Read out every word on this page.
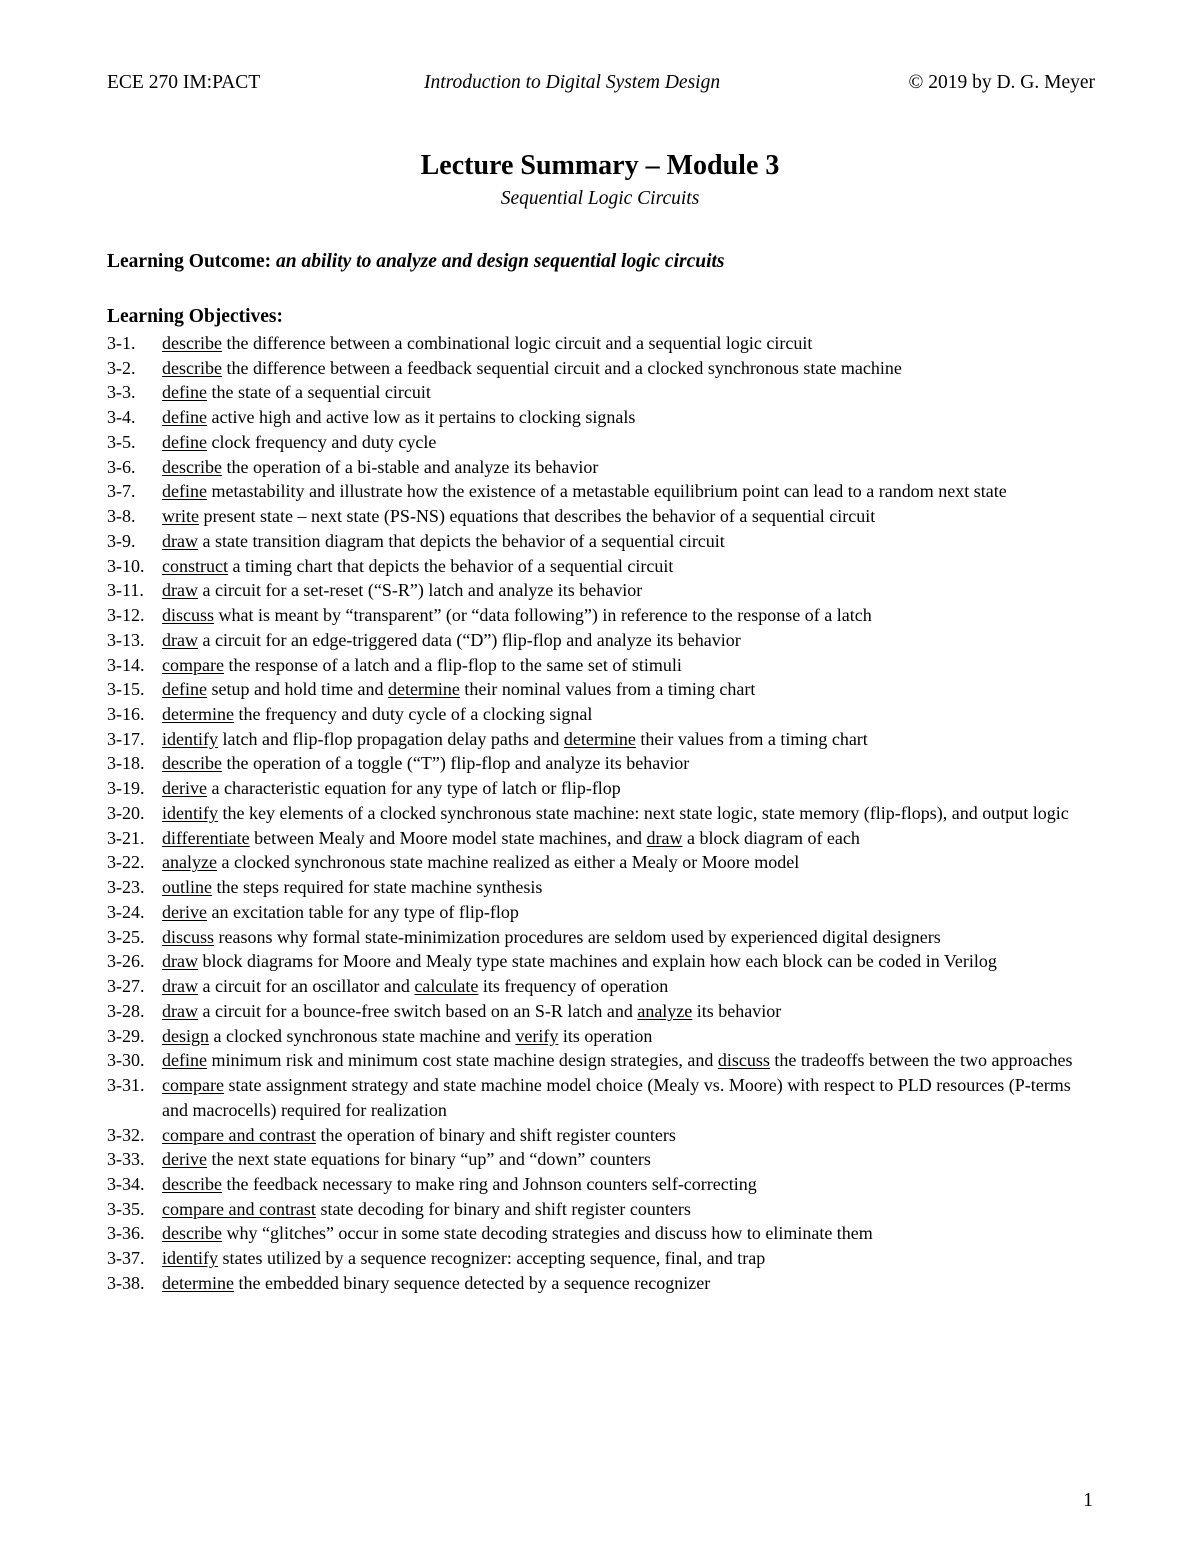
ECE 270 IM:PACT	Introduction to Digital System Design	© 2019 by D. G. Meyer
Lecture Summary – Module 3
Sequential Logic Circuits
Learning Outcome: an ability to analyze and design sequential logic circuits
Learning Objectives:
3-1.	describe the difference between a combinational logic circuit and a sequential logic circuit
3-2.	describe the difference between a feedback sequential circuit and a clocked synchronous state machine
3-3.	define the state of a sequential circuit
3-4.	define active high and active low as it pertains to clocking signals
3-5.	define clock frequency and duty cycle
3-6.	describe the operation of a bi-stable and analyze its behavior
3-7.	define metastability and illustrate how the existence of a metastable equilibrium point can lead to a random next state
3-8.	write present state – next state (PS-NS) equations that describes the behavior of a sequential circuit
3-9.	draw a state transition diagram that depicts the behavior of a sequential circuit
3-10. construct a timing chart that depicts the behavior of a sequential circuit
3-11.	draw a circuit for a set-reset (“S-R”) latch and analyze its behavior
3-12. discuss what is meant by “transparent” (or “data following”) in reference to the response of a latch
3-13. draw a circuit for an edge-triggered data (“D”) flip-flop and analyze its behavior
3-14. compare the response of a latch and a flip-flop to the same set of stimuli
3-15. define setup and hold time and determine their nominal values from a timing chart
3-16. determine the frequency and duty cycle of a clocking signal
3-17. identify latch and flip-flop propagation delay paths and determine their values from a timing chart
3-18. describe the operation of a toggle (“T”) flip-flop and analyze its behavior
3-19. derive a characteristic equation for any type of latch or flip-flop
3-20. identify the key elements of a clocked synchronous state machine: next state logic, state memory (flip-flops), and output logic
3-21. differentiate between Mealy and Moore model state machines, and draw a block diagram of each
3-22. analyze a clocked synchronous state machine realized as either a Mealy or Moore model
3-23. outline the steps required for state machine synthesis
3-24. derive an excitation table for any type of flip-flop
3-25. discuss reasons why formal state-minimization procedures are seldom used by experienced digital designers
3-26. draw block diagrams for Moore and Mealy type state machines and explain how each block can be coded in Verilog
3-27. draw a circuit for an oscillator and calculate its frequency of operation
3-28. draw a circuit for a bounce-free switch based on an S-R latch and analyze its behavior
3-29. design a clocked synchronous state machine and verify its operation
3-30. define minimum risk and minimum cost state machine design strategies, and discuss the tradeoffs between the two approaches
3-31. compare state assignment strategy and state machine model choice (Mealy vs. Moore) with respect to PLD resources (P-terms and macrocells) required for realization
3-32. compare and contrast the operation of binary and shift register counters
3-33. derive the next state equations for binary “up” and “down” counters
3-34. describe the feedback necessary to make ring and Johnson counters self-correcting
3-35. compare and contrast state decoding for binary and shift register counters
3-36. describe why “glitches” occur in some state decoding strategies and discuss how to eliminate them
3-37. identify states utilized by a sequence recognizer: accepting sequence, final, and trap
3-38. determine the embedded binary sequence detected by a sequence recognizer
1
